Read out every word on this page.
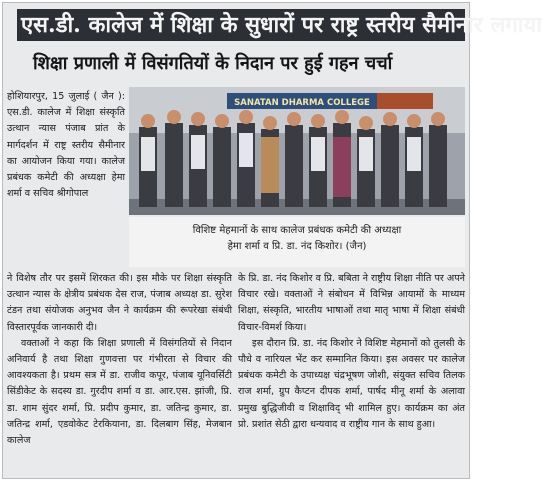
एस.डी. कालेज में शिक्षा के सुधारों पर राष्ट्र स्तरीय सैमीनार लगाया
शिक्षा प्रणाली में विसंगतियों के निदान पर हुई गहन चर्चा

होशियारपुर, 15 जुलाई ( जैन ): एस.डी. कालेज में शिक्षा संस्कृति उत्थान न्यास पंजाब प्रांत के मार्गदर्शन में राष्ट्र स्तरीय सैमीनार का आयोजन किया गया। कालेज प्रबंधक कमेटी की अध्यक्षा हेमा शर्मा व सचिव श्रीगोपाल

SANATAN DHARMA COLLEGE
विशिष्ट मेहमानों के साथ कालेज प्रबंधक कमेटी की अध्यक्षा
हेमा शर्मा व प्रि. डा. नंद किशोर। (जैन)

ने विशेष तौर पर इसमें शिरकत की। इस मौके पर शिक्षा संस्कृति उत्थान न्यास के क्षेत्रीय प्रबंधक देस राज, पंजाब अध्यक्ष डा. सुरेश टंडन तथा संयोजक अनुभव जैन ने कार्यक्रम की रूपरेखा संबंधी विस्तारपूर्वक जानकारी दी।

वक्ताओं ने कहा कि शिक्षा प्रणाली में विसंगतियों से निदान अनिवार्य है तथा शिक्षा गुणवत्ता पर गंभीरता से विचार की आवश्यकता है। प्रथम सत्र में डा. राजीव कपूर, पंजाब यूनिवर्सिटी सिंडीकेट के सदस्य डा. गुरदीप शर्मा व डा. आर.एस. झांजी, प्रि. डा. शाम सुंदर शर्मा, प्रि. प्रदीप कुमार, डा. जतिन्द्र कुमार, डा. जतिन्द्र शर्मा, एडवोकेट टेरकियाना, डा. दिलबाग सिंह, मेजबान कालेज

के प्रि. डा. नंद किशोर व प्रि. बबिता ने राष्ट्रीय शिक्षा नीति पर अपने विचार रखे। वक्ताओं ने संबोधन में विभिन्न आयामों के माध्यम शिक्षा, संस्कृति, भारतीय भाषाओं तथा मातृ भाषा में शिक्षा संबंधी विचार-विमर्श किया।

इस दौरान प्रि. डा. नंद किशोर ने विशिष्ट मेहमानों को तुलसी के पौधे व नारियल भेंट कर सम्मानित किया। इस अवसर पर कालेज प्रबंधक कमेटी के उपाध्यक्ष चंद्रभूषण जोशी, संयुक्त सचिव तिलक राज शर्मा, ग्रुप कैप्टन दीपक शर्मा, पार्षद मीनू शर्मा के अलावा प्रमुख बुद्धिजीवी व शिक्षाविद् भी शामिल हुए। कार्यक्रम का अंत प्रो. प्रशांत सेठी द्वारा धन्यवाद व राष्ट्रीय गान के साथ हुआ।
